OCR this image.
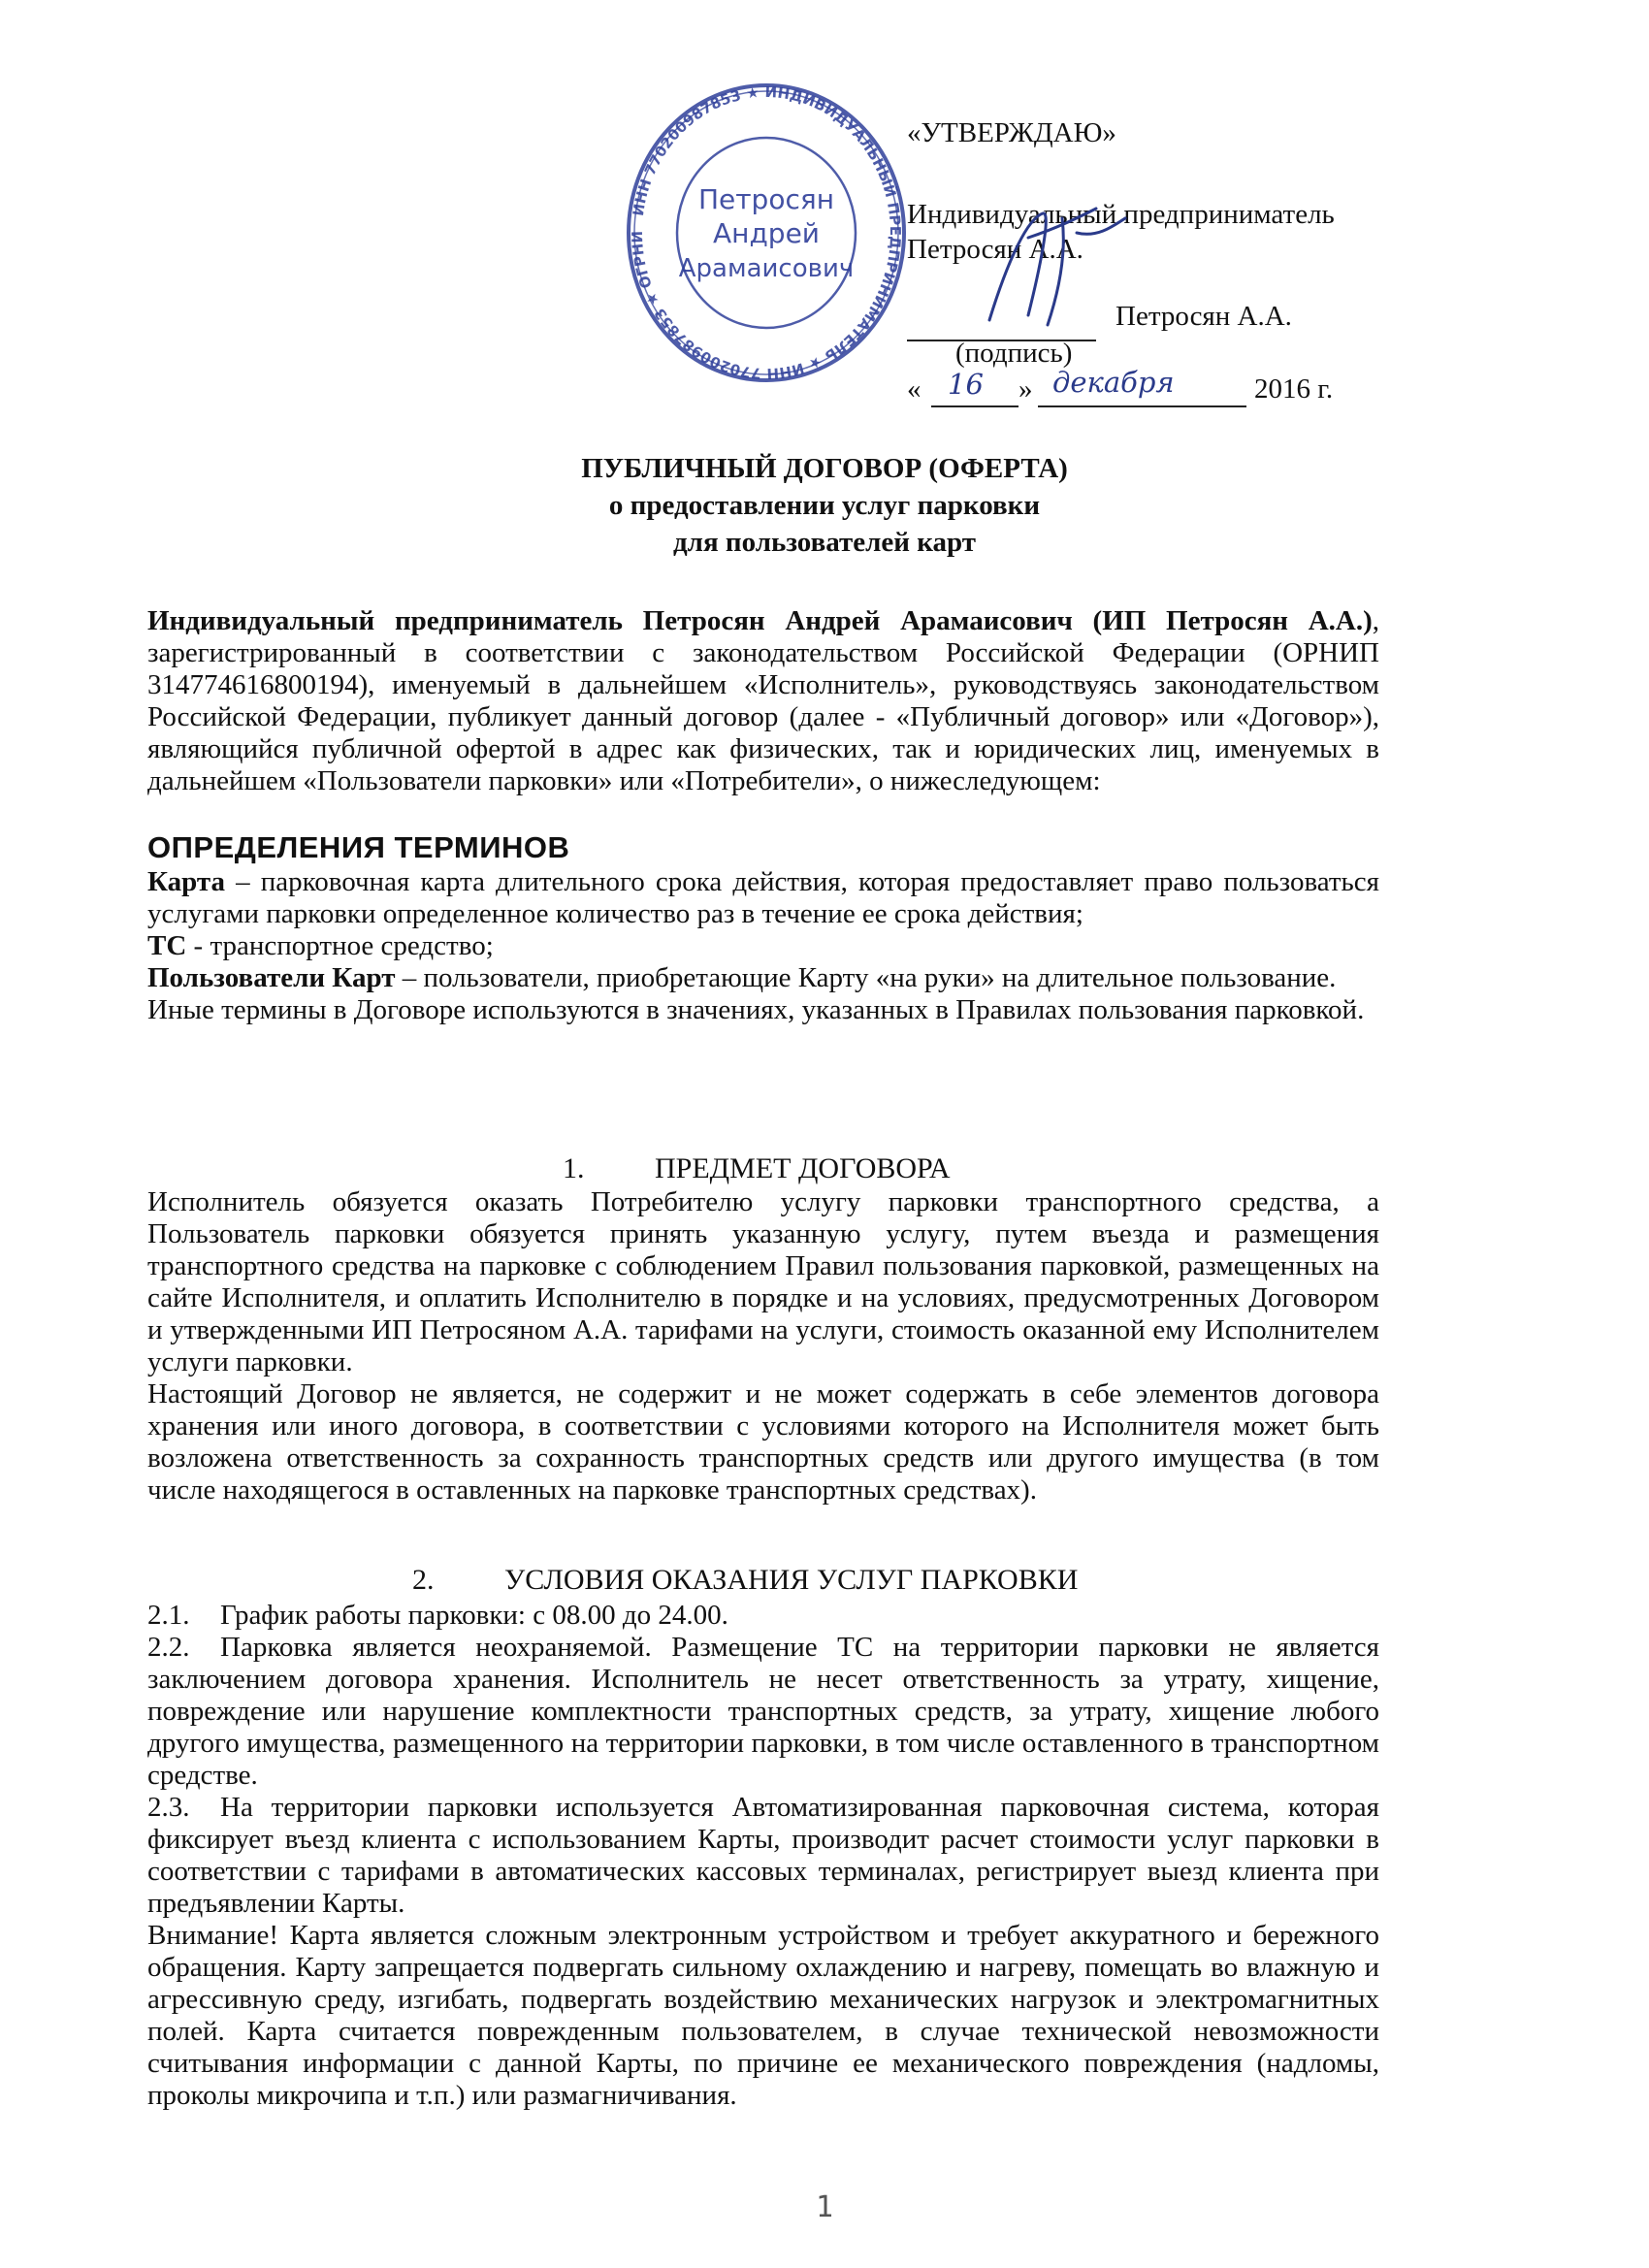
ИНН 770200987853 ★ ИНДИВИДУАЛЬНЫЙ ПРЕДПРИНИМАТЕЛЬ ★ ИНН 770200987853 ★ ОГРНИ
Петросян
Андрей
Арамаисович
«УТВЕРЖДАЮ»
Индивидуальный предприниматель
Петросян А.А.
Петросян А.А.
(подпись)
« 16 » декабря	2016 г.
ПУБЛИЧНЫЙ ДОГОВОР (ОФЕРТА)
о предоставлении услуг парковки
для пользователей карт

Индивидуальный предприниматель Петросян Андрей Арамаисович (ИП Петросян А.А.), зарегистрированный в соответствии с законодательством Российской Федерации (ОРНИП 314774616800194), именуемый в дальнейшем «Исполнитель», руководствуясь законодательством Российской Федерации, публикует данный договор (далее - «Публичный договор» или «Договор»), являющийся публичной офертой в адрес как физических, так и юридических лиц, именуемых в дальнейшем «Пользователи парковки» или «Потребители», о нижеследующем:

ОПРЕДЕЛЕНИЯ ТЕРМИНОВ

Карта – парковочная карта длительного срока действия, которая предоставляет право пользоваться услугами парковки определенное количество раз в течение ее срока действия;

ТС - транспортное средство;

Пользователи Карт – пользователи, приобретающие Карту «на руки» на длительное пользование.

Иные термины в Договоре используются в значениях, указанных в Правилах пользования парковкой.

1. ПРЕДМЕТ ДОГОВОРА

Исполнитель обязуется оказать Потребителю услугу парковки транспортного средства, а Пользователь парковки обязуется принять указанную услугу, путем въезда и размещения транспортного средства на парковке с соблюдением Правил пользования парковкой, размещенных на сайте Исполнителя, и оплатить Исполнителю в порядке и на условиях, предусмотренных Договором и утвержденными ИП Петросяном А.А. тарифами на услуги, стоимость оказанной ему Исполнителем услуги парковки.

Настоящий Договор не является, не содержит и не может содержать в себе элементов договора хранения или иного договора, в соответствии с условиями которого на Исполнителя может быть возложена ответственность за сохранность транспортных средств или другого имущества (в том числе находящегося в оставленных на парковке транспортных средствах).

2. УСЛОВИЯ ОКАЗАНИЯ УСЛУГ ПАРКОВКИ

2.1. График работы парковки: с 08.00 до 24.00.

2.2. Парковка является неохраняемой. Размещение ТС на территории парковки не является заключением договора хранения. Исполнитель не несет ответственность за утрату, хищение, повреждение или нарушение комплектности транспортных средств, за утрату, хищение любого другого имущества, размещенного на территории парковки, в том числе оставленного в транспортном средстве.

2.3. На территории парковки используется Автоматизированная парковочная система, которая фиксирует въезд клиента с использованием Карты, производит расчет стоимости услуг парковки в соответствии с тарифами в автоматических кассовых терминалах, регистрирует выезд клиента при предъявлении Карты.

Внимание! Карта является сложным электронным устройством и требует аккуратного и бережного обращения. Карту запрещается подвергать сильному охлаждению и нагреву, помещать во влажную и агрессивную среду, изгибать, подвергать воздействию механических нагрузок и электромагнитных полей. Карта считается поврежденным пользователем, в случае технической невозможности считывания информации с данной Карты, по причине ее механического повреждения (надломы, проколы микрочипа и т.п.) или размагничивания.

1
